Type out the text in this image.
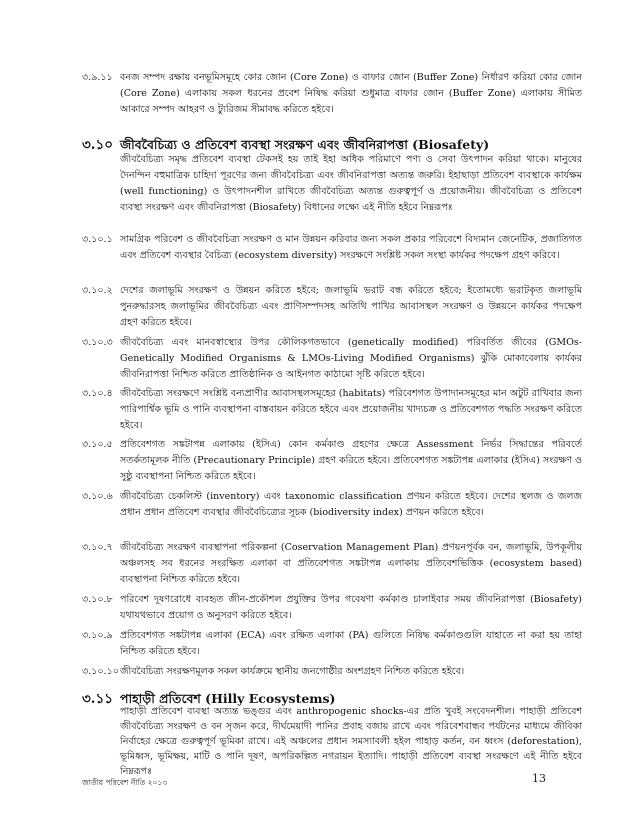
৩.৯.১১ বনজ সম্পদ রক্ষায় বনভূমিসমূহে কোর জোন (Core Zone) ও বাফার জোন (Buffer Zone) নির্ধারণ করিয়া কোর জোন (Core Zone) এলাকায় সকল ধরনের প্রবেশ নিষিদ্ধ করিয়া শুধুমাত্র বাফার জোন (Buffer Zone) এলাকায় সীমিত আকারে সম্পদ আহরণ ও ট্যুরিজম সীমাবদ্ধ করিতে হইবে।
৩.১০ জীববৈচিত্র্য ও প্রতিবেশ ব্যবস্থা সংরক্ষণ এবং জীবনিরাপত্তা (Biosafety)
জীববৈচিত্র্য সমৃদ্ধ প্রতিবেশ ব্যবস্থা টেকসই হয় তাই ইহা অধিক পরিমাণে পণ্য ও সেবা উৎপাদন করিয়া থাকে। মানুষের দৈনন্দিন বহুমাত্রিক চাহিদা পূরণের জন্য জীববৈচিত্র্য এবং জীবনিরাপত্তা অত্যন্ত জরুরি। ইহাছাড়া প্রতিবেশ ব্যবস্থাকে কার্যক্ষম (well functioning) ও উৎপাদনশীল রাখিতে জীববৈচিত্র্য অত্যন্ত গুরুত্বপূর্ণ ও প্রয়োজনীয়। জীববৈচিত্র্য ও প্রতিবেশ ব্যবস্থা সংরক্ষণ এবং জীবনিরাপত্তা (Biosafety) বিধানের লক্ষ্যে এই নীতি হইবে নিম্নরূপঃ
৩.১০.১ সামগ্রিক পরিবেশ ও জীববৈচিত্র্য সংরক্ষণ ও মান উন্নয়ন করিবার জন্য সকল প্রকার পরিবেশে বিদ্যমান জেনেটিক, প্রজাতিগত এবং প্রতিবেশ ব্যবস্থার বৈচিত্র্য (ecosystem diversity) সংরক্ষণে সংশ্লিষ্ট সকল সংস্থা কার্যকর পদক্ষেপ গ্রহণ করিবে।
৩.১০.২ দেশের জলাভূমি সংরক্ষণ ও উন্নয়ন করিতে হইবে; জলাভূমি ভরাট বন্ধ করিতে হইবে; ইতোমধ্যে ভরাটকৃত জলাভূমি পুনরুদ্ধারসহ জলাভূমির জীববৈচিত্র্য এবং প্রাণিসম্পদসহ অতিথি পাখির আবাসস্থল সংরক্ষণ ও উন্নয়নে কার্যকর পদক্ষেপ গ্রহণ করিতে হইবে।
৩.১০.৩ জীববৈচিত্র্য এবং মানবস্বাস্থ্যের উপর কৌলিকগতভাবে (genetically modified) পরিবর্তিত জীবের (GMOs-Genetically Modified Organisms & LMOs-Living Modified Organisms) ঝুঁকি মোকাবেলায় কার্যকর জীবনিরাপত্তা নিশ্চিত করিতে প্রাতিষ্ঠানিক ও আইনগত কাঠামো সৃষ্টি করিতে হইবে।
৩.১০.৪ জীববৈচিত্র্য সংরক্ষণে সংশ্লিষ্ট বন্যপ্রাণীর আবাসস্থলসমূহের (habitats) পরিবেশগত উপাদানসমূহের মান অটুট রাখিবার জন্য পারিপার্শ্বিক ভূমি ও পানি ব্যবস্থাপনা বাস্তবায়ন করিতে হইবে এবং প্রয়োজনীয় খাদ্যচক্র ও প্রতিবেশগত পদ্ধতি সংরক্ষণ করিতে হইবে।
৩.১০.৫ প্রতিবেশগত সঙ্কটাপন্ন এলাকায় (ইসিএ) কোন কর্মকাণ্ড গ্রহণের ক্ষেত্রে Assessment নির্ভর সিদ্ধান্তের পরিবর্তে সতর্কতামূলক নীতি (Precautionary Principle) গ্রহণ করিতে হইবে। প্রতিবেশগত সঙ্কটাপন্ন এলাকার (ইসিএ) সংরক্ষণ ও সুষ্ঠু ব্যবস্থাপনা নিশ্চিত করিতে হইবে।
৩.১০.৬ জীববৈচিত্র্য চেকলিস্ট (inventory) এবং taxonomic classification প্রণয়ন করিতে হইবে। দেশের স্থলজ ও জলজ প্রধান প্রধান প্রতিবেশ ব্যবস্থার জীববৈচিত্র্যের সূচক (biodiversity index) প্রণয়ন করিতে হইবে।
৩.১০.৭ জীববৈচিত্র্য সংরক্ষণ ব্যবস্থাপনা পরিকল্পনা (Coservation Management Plan) প্রণয়নপূর্বক বন, জলাভূমি, উপকূলীয় অঞ্চলসহ সব ধরনের সংরক্ষিত এলাকা বা প্রতিবেশগত সঙ্কটাপন্ন এলাকায় প্রতিবেশভিত্তিক (ecosystem based) ব্যবস্থাপনা নিশ্চিত করিতে হইবে।
৩.১০.৮ পরিবেশ দূষণরোধে ব্যবহৃত জীন-প্রকৌশল প্রযুক্তির উপর গবেষণা কর্মকাণ্ড চালাইবার সময় জীবনিরাপত্তা (Biosafety) যথাযথভাবে প্রয়োগ ও অনুসরণ করিতে হইবে।
৩.১০.৯ প্রতিবেশগত সঙ্কটাপন্ন এলাকা (ECA) এবং রক্ষিত এলাকা (PA) গুলিতে নিষিদ্ধ কর্মকাণ্ডগুলি যাহাতে না করা হয় তাহা নিশ্চিত করিতে হইবে।
৩.১০.১০ জীববৈচিত্র্য সংরক্ষণমূলক সকল কার্যক্রমে স্থানীয় জনগোষ্ঠীর অংশগ্রহণ নিশ্চিত করিতে হইবে।
৩.১১ পাহাড়ী প্রতিবেশ (Hilly Ecosystems)
পাহাড়ী প্রতিবেশ ব্যবস্থা অত্যন্ত ভঙ্গুর এবং anthropogenic shocks-এর প্রতি খুবই সংবেদনশীল। পাহাড়ী প্রতিবেশ জীববৈচিত্র্য সংরক্ষণ ও বন সৃজন করে, দীর্ঘমেয়াদী পানির প্রবাহ বজায় রাখে এবং পরিবেশবান্ধব পর্যটনের মাধ্যমে জীবিকা নির্বাহের ক্ষেত্রে গুরুত্বপূর্ণ ভূমিকা রাখে। এই অঞ্চলের প্রধান সমস্যাবলী হইল পাহাড় কর্তন, বন ধ্বংস (deforestation), ভূমিধ্বস, ভূমিক্ষয়, মাটি ও পানি দূষণ, অপরিকল্পিত নগরায়ন ইত্যাদি। পাহাড়ী প্রতিবেশ ব্যবস্থা সংরক্ষণে এই নীতি হইবে নিম্নরূপঃ
জাতীয় পরিবেশ নীতি ২০১৩	13
